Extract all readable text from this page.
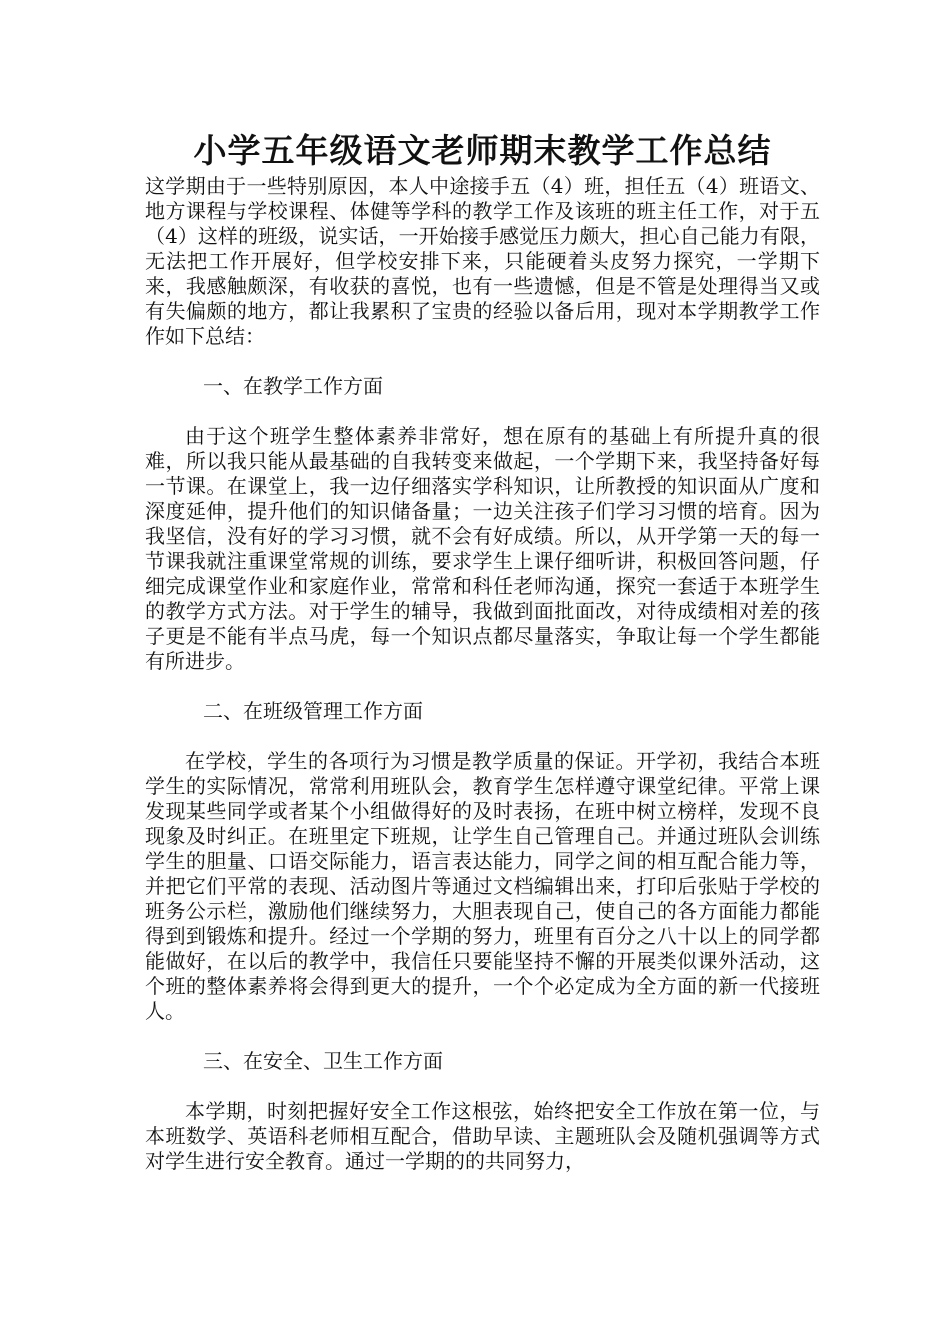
小学五年级语文老师期末教学工作总结

这学期由于一些特别原因，本人中途接手五（4）班，担任五（4）班语文、地方课程与学校课程、体健等学科的教学工作及该班的班主任工作，对于五（4）这样的班级，说实话，一开始接手感觉压力颇大，担心自己能力有限，无法把工作开展好，但学校安排下来，只能硬着头皮努力探究，一学期下来，我感触颇深，有收获的喜悦，也有一些遗憾，但是不管是处理得当又或有失偏颇的地方，都让我累积了宝贵的经验以备后用，现对本学期教学工作作如下总结：

一、在教学工作方面

由于这个班学生整体素养非常好，想在原有的基础上有所提升真的很难，所以我只能从最基础的自我转变来做起，一个学期下来，我坚持备好每一节课。在课堂上，我一边仔细落实学科知识，让所教授的知识面从广度和深度延伸，提升他们的知识储备量；一边关注孩子们学习习惯的培育。因为我坚信，没有好的学习习惯，就不会有好成绩。所以，从开学第一天的每一节课我就注重课堂常规的训练，要求学生上课仔细听讲，积极回答问题，仔细完成课堂作业和家庭作业，常常和科任老师沟通，探究一套适于本班学生的教学方式方法。对于学生的辅导，我做到面批面改，对待成绩相对差的孩子更是不能有半点马虎，每一个知识点都尽量落实，争取让每一个学生都能有所进步。

二、在班级管理工作方面

在学校，学生的各项行为习惯是教学质量的保证。开学初，我结合本班学生的实际情况，常常利用班队会，教育学生怎样遵守课堂纪律。平常上课发现某些同学或者某个小组做得好的及时表扬，在班中树立榜样，发现不良现象及时纠正。在班里定下班规，让学生自己管理自己。并通过班队会训练学生的胆量、口语交际能力，语言表达能力，同学之间的相互配合能力等，并把它们平常的表现、活动图片等通过文档编辑出来，打印后张贴于学校的班务公示栏，激励他们继续努力，大胆表现自己，使自己的各方面能力都能得到到锻炼和提升。经过一个学期的努力，班里有百分之八十以上的同学都能做好，在以后的教学中，我信任只要能坚持不懈的开展类似课外活动，这个班的整体素养将会得到更大的提升，一个个必定成为全方面的新一代接班人。

三、在安全、卫生工作方面

本学期，时刻把握好安全工作这根弦，始终把安全工作放在第一位，与本班数学、英语科老师相互配合，借助早读、主题班队会及随机强调等方式对学生进行安全教育。通过一学期的的共同努力，
